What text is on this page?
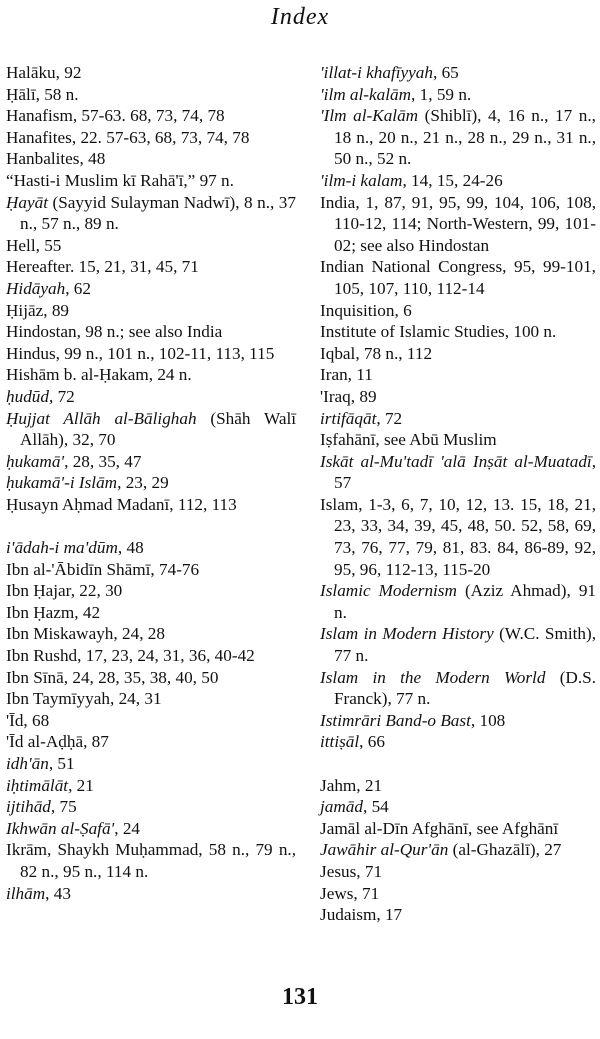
Index
Halāku, 92
Ḥālī, 58 n.
Hanafism, 57-63. 68, 73, 74, 78
Hanafites, 22. 57-63, 68, 73, 74, 78
Hanbalites, 48
“Hasti-i Muslim kī Rahā'ī,” 97 n.
Ḥayāt (Sayyid Sulayman Nadwī), 8 n., 37 n., 57 n., 89 n.
Hell, 55
Hereafter. 15, 21, 31, 45, 71
Hidāyah, 62
Ḥijāz, 89
Hindostan, 98 n.; see also India
Hindus, 99 n., 101 n., 102-11, 113, 115
Hishām b. al-Ḥakam, 24 n.
ḥudūd, 72
Ḥujjat Allāh al-Bālighah (Shāh Walī Allāh), 32, 70
ḥukamā', 28, 35, 47
ḥukamā'-i Islām, 23, 29
Ḥusayn Aḥmad Madanī, 112, 113
i'ādah-i ma'dūm, 48
Ibn al-'Ābidīn Shāmī, 74-76
Ibn Ḥajar, 22, 30
Ibn Ḥazm, 42
Ibn Miskawayh, 24, 28
Ibn Rushd, 17, 23, 24, 31, 36, 40-42
Ibn Sīnā, 24, 28, 35, 38, 40, 50
Ibn Taymīyyah, 24, 31
'Īd, 68
'Īd al-Aḍḥā, 87
idh'ān, 51
iḥtimālāt, 21
ijtihād, 75
Ikhwān al-Ṣafā', 24
Ikrām, Shaykh Muḥammad, 58 n., 79 n., 82 n., 95 n., 114 n.
ilhām, 43
'illat-i khafīyyah, 65
'ilm al-kalām, 1, 59 n.
'Ilm al-Kalām (Shiblī), 4, 16 n., 17 n., 18 n., 20 n., 21 n., 28 n., 29 n., 31 n., 50 n., 52 n.
'ilm-i kalam, 14, 15, 24-26
India, 1, 87, 91, 95, 99, 104, 106, 108, 110-12, 114; North-Western, 99, 101-02; see also Hindostan
Indian National Congress, 95, 99-101, 105, 107, 110, 112-14
Inquisition, 6
Institute of Islamic Studies, 100 n.
Iqbal, 78 n., 112
Iran, 11
'Iraq, 89
irtifāqāt, 72
Iṣfahānī, see Abū Muslim
Iskāt al-Mu'tadī 'alā Inṣāt al-Muatadī, 57
Islam, 1-3, 6, 7, 10, 12, 13. 15, 18, 21, 23, 33, 34, 39, 45, 48, 50. 52, 58, 69, 73, 76, 77, 79, 81, 83. 84, 86-89, 92, 95, 96, 112-13, 115-20
Islamic Modernism (Aziz Ahmad), 91 n.
Islam in Modern History (W.C. Smith), 77 n.
Islam in the Modern World (D.S. Franck), 77 n.
Istimrāri Band-o Bast, 108
ittiṣāl, 66
Jahm, 21
jamād, 54
Jamāl al-Dīn Afghānī, see Afghānī
Jawāhir al-Qur'ān (al-Ghazālī), 27
Jesus, 71
Jews, 71
Judaism, 17
131
